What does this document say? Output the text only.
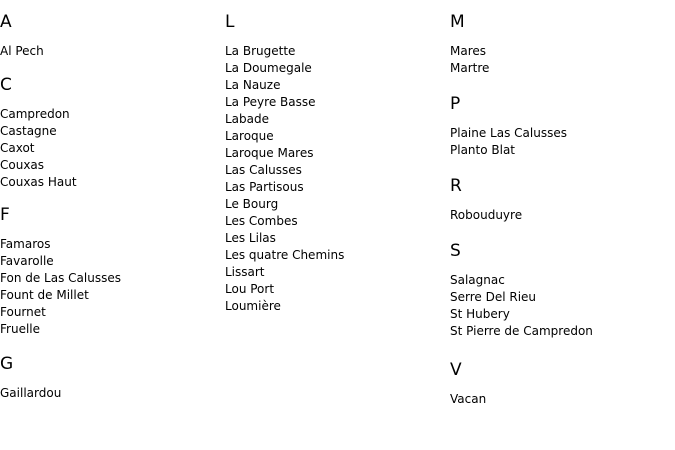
A
Al Pech
C
Campredon
Castagne
Caxot
Couxas
Couxas Haut
F
Famaros
Favarolle
Fon de Las Calusses
Fount de Millet
Fournet
Fruelle
G
Gaillardou
L
La Brugette
La Doumegale
La Nauze
La Peyre Basse
Labade
Laroque
Laroque Mares
Las Calusses
Las Partisous
Le Bourg
Les Combes
Les Lilas
Les quatre Chemins
Lissart
Lou Port
Loumière
M
Mares
Martre
P
Plaine Las Calusses
Planto Blat
R
Robouduyre
S
Salagnac
Serre Del Rieu
St Hubery
St Pierre de Campredon
V
Vacan
